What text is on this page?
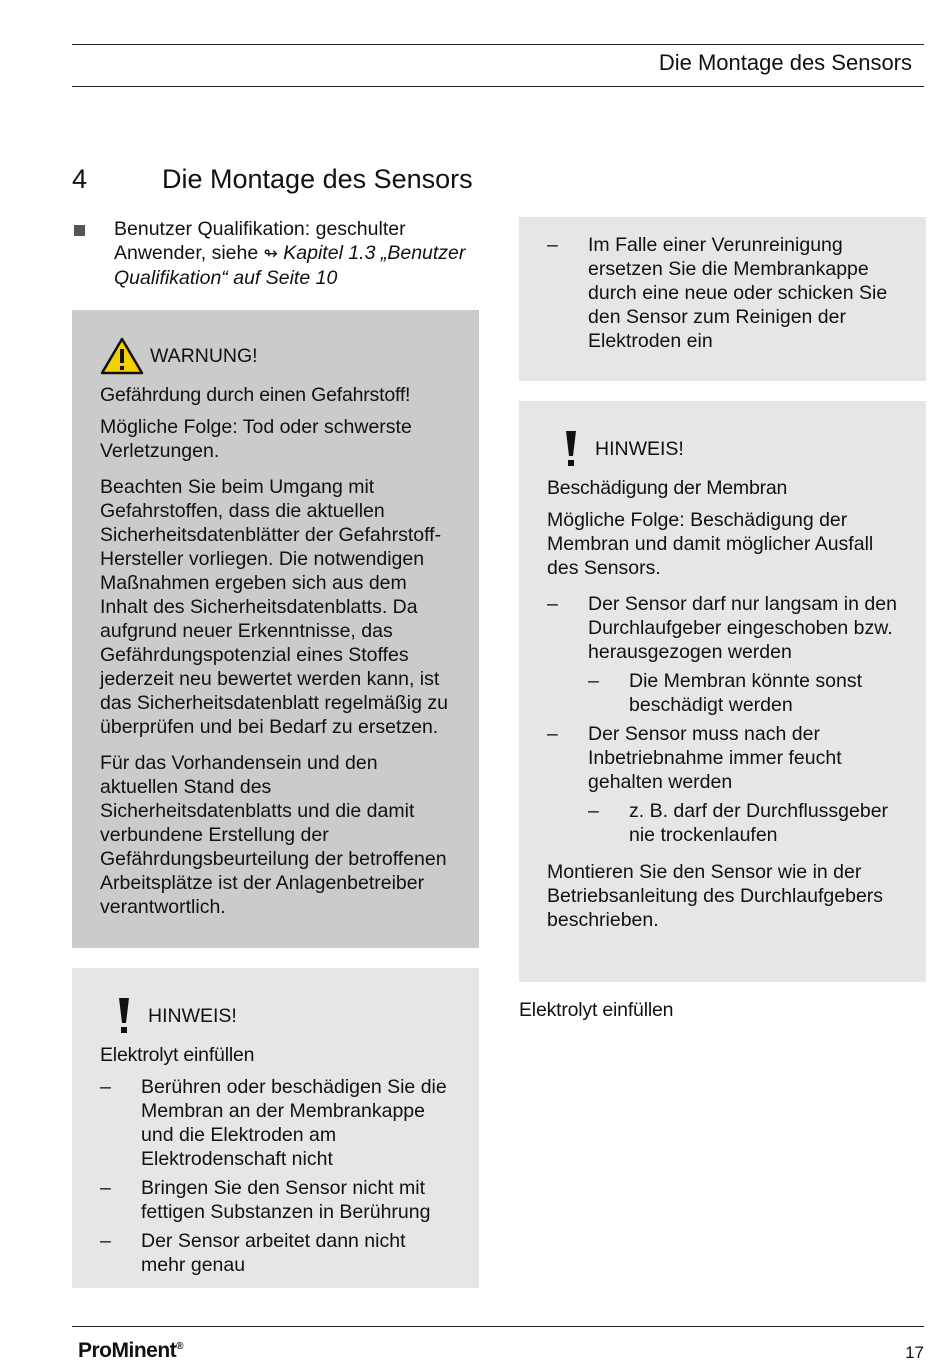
Die Montage des Sensors
4	Die Montage des Sensors
Benutzer Qualifikation: geschulter Anwender, siehe ↬ Kapitel 1.3 „Benutzer Qualifikation“ auf Seite 10
WARNUNG!
Gefährdung durch einen Gefahrstoff!

Mögliche Folge: Tod oder schwerste Verletzungen.

Beachten Sie beim Umgang mit Gefahrstoffen, dass die aktuellen Sicherheitsdatenblätter der Gefahrstoff-Hersteller vorliegen. Die notwendigen Maßnahmen ergeben sich aus dem Inhalt des Sicherheitsdatenblatts. Da aufgrund neuer Erkenntnisse, das Gefährdungspotenzial eines Stoffes jederzeit neu bewertet werden kann, ist das Sicherheitsdatenblatt regelmäßig zu überprüfen und bei Bedarf zu ersetzen.

Für das Vorhandensein und den aktuellen Stand des Sicherheitsdatenblatts und die damit verbundene Erstellung der Gefährdungsbeurteilung der betroffenen Arbeitsplätze ist der Anlagenbetreiber verantwortlich.

HINWEIS!
Elektrolyt einfüllen
– Berühren oder beschädigen Sie die Membran an der Membrankappe und die Elektroden am Elektrodenschaft nicht
– Bringen Sie den Sensor nicht mit fettigen Substanzen in Berührung
– Der Sensor arbeitet dann nicht mehr genau
– Im Falle einer Verunreinigung ersetzen Sie die Membrankappe durch eine neue oder schicken Sie den Sensor zum Reinigen der Elektroden ein
HINWEIS!
Beschädigung der Membran

Mögliche Folge: Beschädigung der Membran und damit möglicher Ausfall des Sensors.

– Der Sensor darf nur langsam in den Durchlaufgeber eingeschoben bzw. herausgezogen werden
– Die Membran könnte sonst beschädigt werden
– Der Sensor muss nach der Inbetriebnahme immer feucht gehalten werden
– z. B. darf der Durchflussgeber nie trockenlaufen

Montieren Sie den Sensor wie in der Betriebsanleitung des Durchlaufgebers beschrieben.

Elektrolyt einfüllen
ProMinent®	17
